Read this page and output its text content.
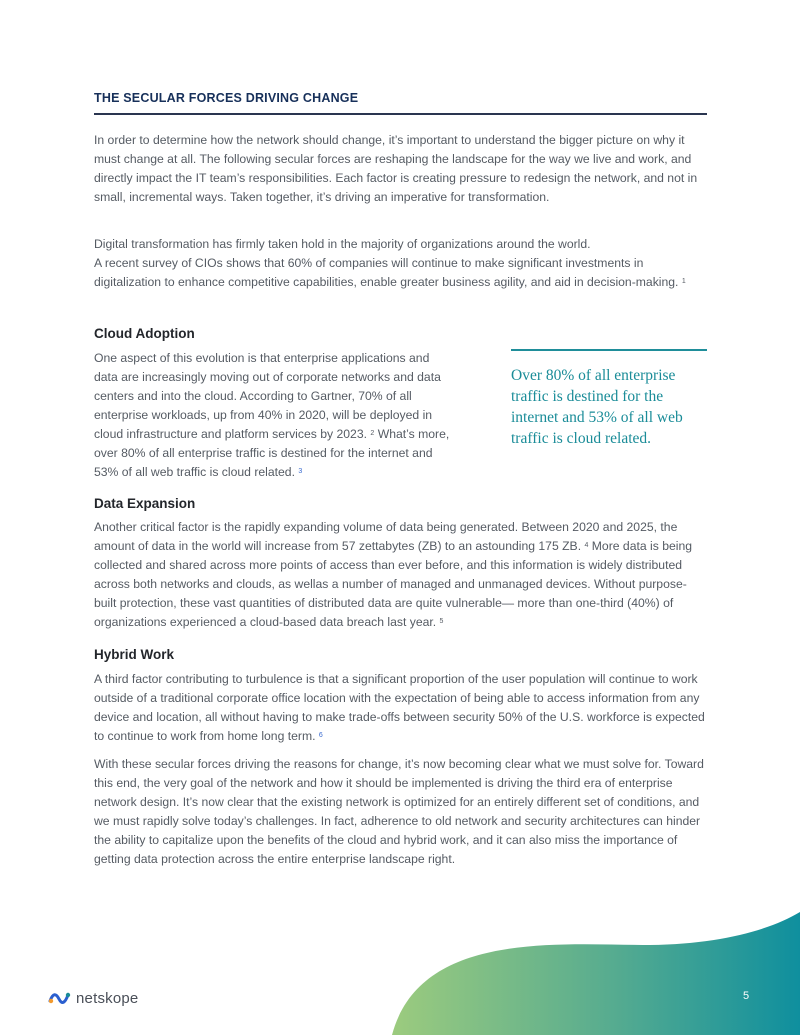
THE SECULAR FORCES DRIVING CHANGE

In order to determine how the network should change, it’s important to understand the bigger picture on why it must change at all. The following secular forces are reshaping the landscape for the way we live and work, and directly impact the IT team’s responsibilities. Each factor is creating pressure to redesign the network, and not in small, incremental ways. Taken together, it’s driving an imperative for transformation.

Digital transformation has firmly taken hold in the majority of organizations around the world.
A recent survey of CIOs shows that 60% of companies will continue to make significant investments in digitalization to enhance competitive capabilities, enable greater business agility, and aid in decision-making. $^1$

Cloud Adoption

One aspect of this evolution is that enterprise applications and data are increasingly moving out of corporate networks and data centers and into the cloud. According to Gartner, 70% of all enterprise workloads, up from 40% in 2020, will be deployed in cloud infrastructure and platform services by 2023. $^2$ What’s more, over 80% of all enterprise traffic is destined for the internet and 53% of all web traffic is cloud related. $^3$

Over 80% of all enterprise traffic is destined for the internet and 53% of all web traffic is cloud related.

Data Expansion

Another critical factor is the rapidly expanding volume of data being generated. Between 2020 and 2025, the amount of data in the world will increase from 57 zettabytes (ZB) to an astounding 175 ZB. $^4$ More data is being collected and shared across more points of access than ever before, and this information is widely distributed across both networks and clouds, as wellas a number of managed and unmanaged devices. Without purpose-built protection, these vast quantities of distributed data are quite vulnerable— more than one-third (40%) of organizations experienced a cloud-based data breach last year. $^5$

Hybrid Work

A third factor contributing to turbulence is that a significant proportion of the user population will continue to work outside of a traditional corporate office location with the expectation of being able to access information from any device and location, all without having to make trade-offs between security 50% of the U.S. workforce is expected to continue to work from home long term. $^6$

With these secular forces driving the reasons for change, it’s now becoming clear what we must solve for. Toward this end, the very goal of the network and how it should be implemented is driving the third era of enterprise network design. It’s now clear that the existing network is optimized for an entirely different set of conditions, and we must rapidly solve today’s challenges. In fact, adherence to old network and security architectures can hinder the ability to capitalize upon the benefits of the cloud and hybrid work, and it can also miss the importance of getting data protection across the entire enterprise landscape right.

netskope	5
